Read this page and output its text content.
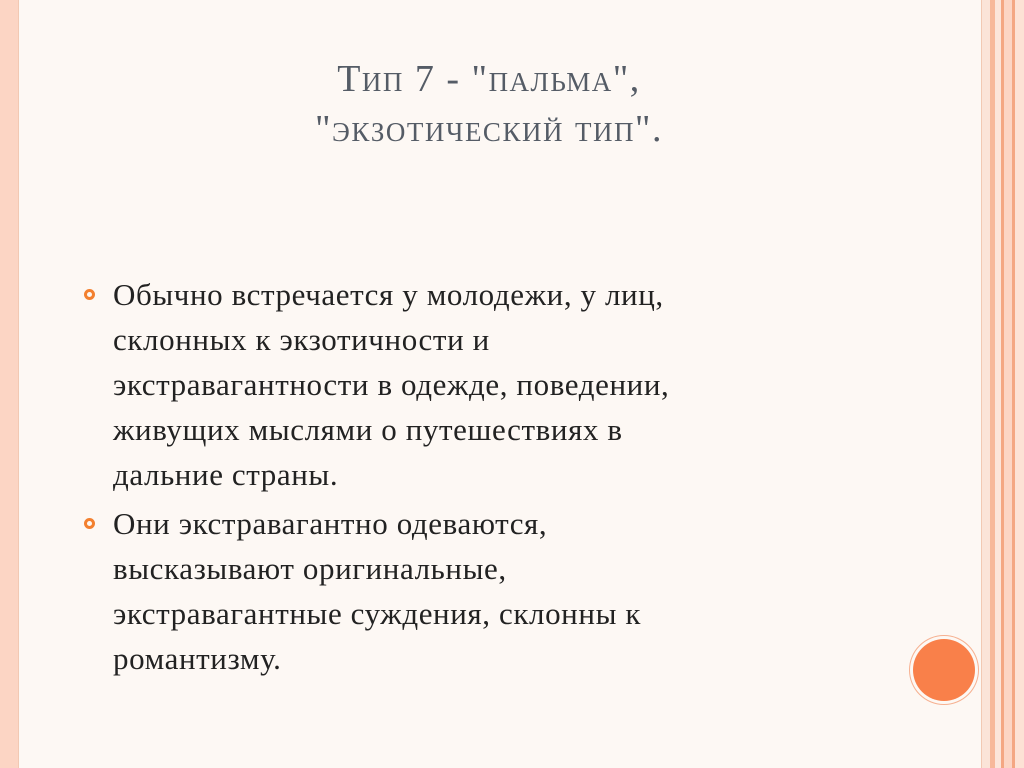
Тип 7 - "пальма",
"экзотический тип".
Обычно встречается у молодежи, у лиц,
склонных к экзотичности и
экстравагантности в одежде, поведении,
живущих мыслями о путешествиях в
дальние страны.
Они экстравагантно одеваются,
высказывают оригинальные,
экстравагантные суждения, склонны к
романтизму.
